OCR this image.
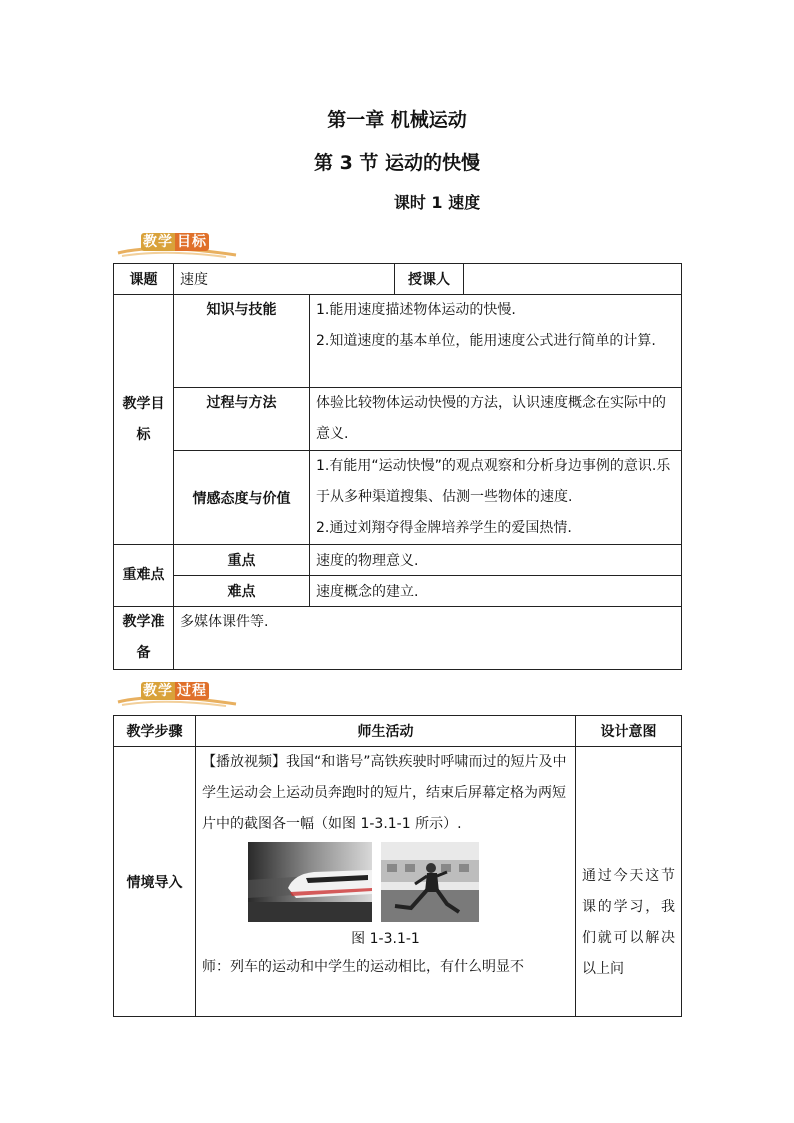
第一章 机械运动
第 3 节 运动的快慢
课时 1 速度
教学 目标
课题	速度		授课人	
教学目标	知识与技能	1.能用速度描述物体运动的快慢.
2.知道速度的基本单位，能用速度公式进行简单的计算.		

	过程与方法	体验比较物体运动快慢的方法，认识速度概念在实际中的意义.		

	情感态度与价值	1.有能用“运动快慢”的观点观察和分析身边事例的意识.乐于从多种渠道搜集、估测一些物体的速度.
2.通过刘翔夺得金牌培养学生的爱国热情.		

重难点	重点	速度的物理意义.		
	难点	速度概念的建立.		
教学准备	多媒体课件等.			
教学 过程
教学步骤	师生活动	设计意图
情境导入	【播放视频】我国“和谐号”高铁疾驶时呼啸而过的短片及中学生运动会上运动员奔跑时的短片，结束后屏幕定格为两短片中的截图各一幅（如图 1-3.1-1 所示）.
图 1-3.1-1
师：列车的运动和中学生的运动相比，有什么明显不	通过今天这节课的学习，我们就可以解决以上问
